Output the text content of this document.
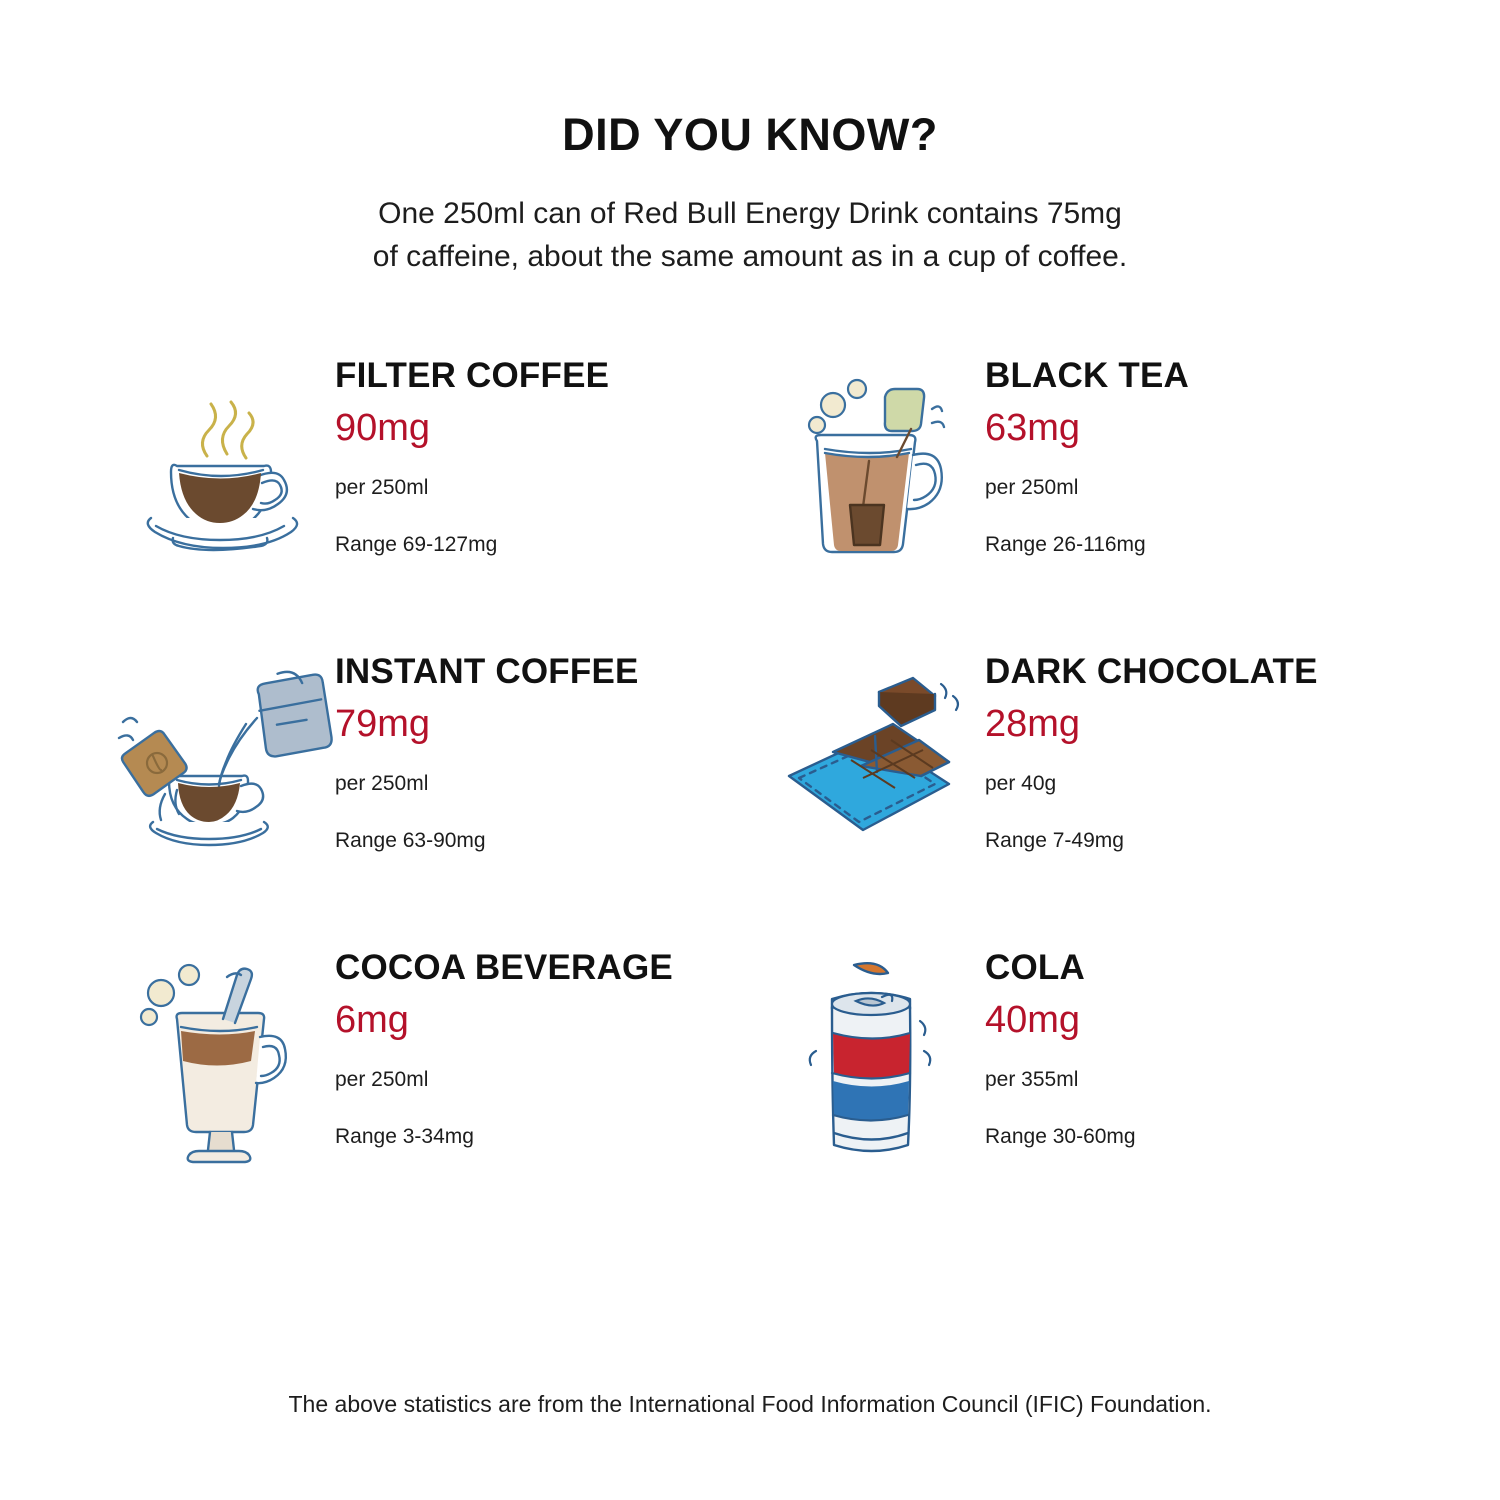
DID YOU KNOW?
One 250ml can of Red Bull Energy Drink contains 75mg
of caffeine, about the same amount as in a cup of coffee.
FILTER COFFEE
90mg
per 250ml
Range 69-127mg
BLACK TEA
63mg
per 250ml
Range 26-116mg
INSTANT COFFEE
79mg
per 250ml
Range 63-90mg
DARK CHOCOLATE
28mg
per 40g
Range 7-49mg
COCOA BEVERAGE
6mg
per 250ml
Range 3-34mg
COLA
40mg
per 355ml
Range 30-60mg
The above statistics are from the International Food Information Council (IFIC) Foundation.
